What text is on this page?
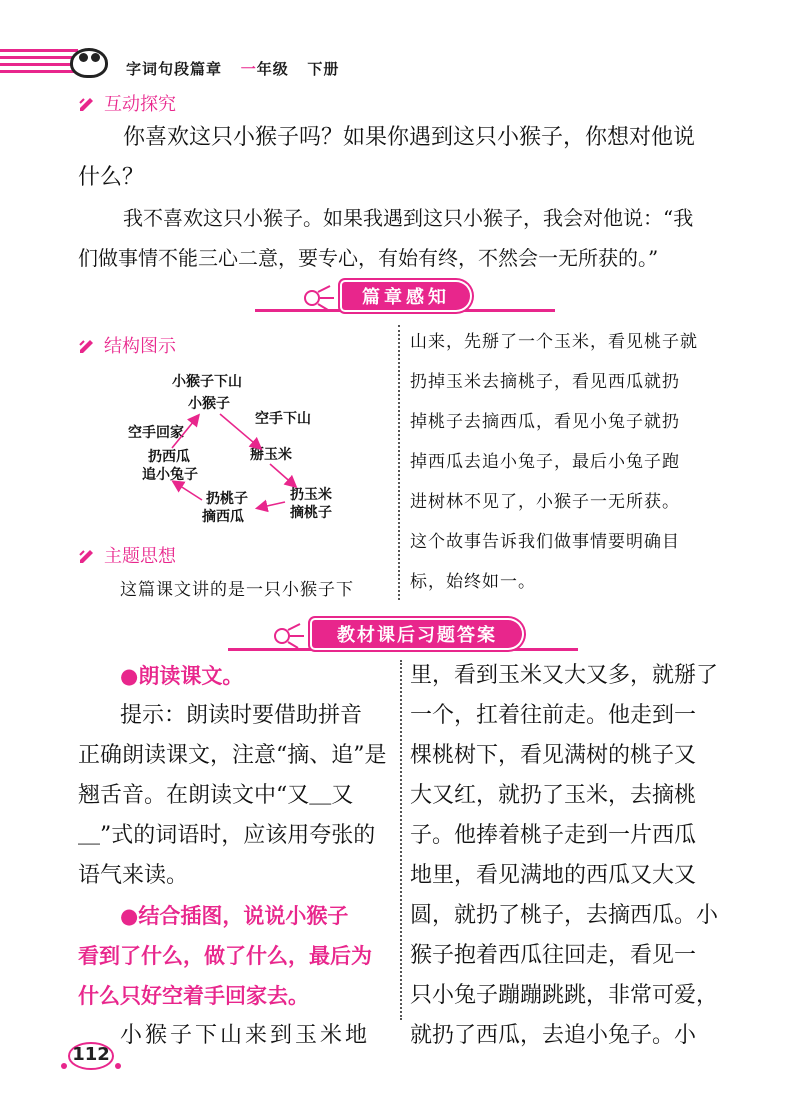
字词句段篇章 一年级 下册
互动探究
你喜欢这只小猴子吗？如果你遇到这只小猴子，你想对他说
什么？
我不喜欢这只小猴子。如果我遇到这只小猴子，我会对他说：“我
们做事情不能三心二意，要专心，有始有终，不然会一无所获的。”
篇章感知
结构图示
小猴子下山
小猴子
空手下山
空手回家
掰玉米
扔西瓜
追小兔子
扔玉米
摘桃子
扔桃子
摘西瓜
主题思想
这篇课文讲的是一只小猴子下
山来，先掰了一个玉米，看见桃子就
扔掉玉米去摘桃子，看见西瓜就扔
掉桃子去摘西瓜，看见小兔子就扔
掉西瓜去追小兔子，最后小兔子跑
进树林不见了，小猴子一无所获。
这个故事告诉我们做事情要明确目
标，始终如一。
教材课后习题答案
●朗读课文。
提示：朗读时要借助拼音
正确朗读课文，注意“摘、追”是
翘舌音。在朗读文中“又＿又
＿”式的词语时，应该用夸张的
语气来读。
●结合插图，说说小猴子
看到了什么，做了什么，最后为
什么只好空着手回家去。
小猴子下山来到玉米地
里，看到玉米又大又多，就掰了
一个，扛着往前走。他走到一
棵桃树下，看见满树的桃子又
大又红，就扔了玉米，去摘桃
子。他捧着桃子走到一片西瓜
地里，看见满地的西瓜又大又
圆，就扔了桃子，去摘西瓜。小
猴子抱着西瓜往回走，看见一
只小兔子蹦蹦跳跳，非常可爱，
就扔了西瓜，去追小兔子。小
112
